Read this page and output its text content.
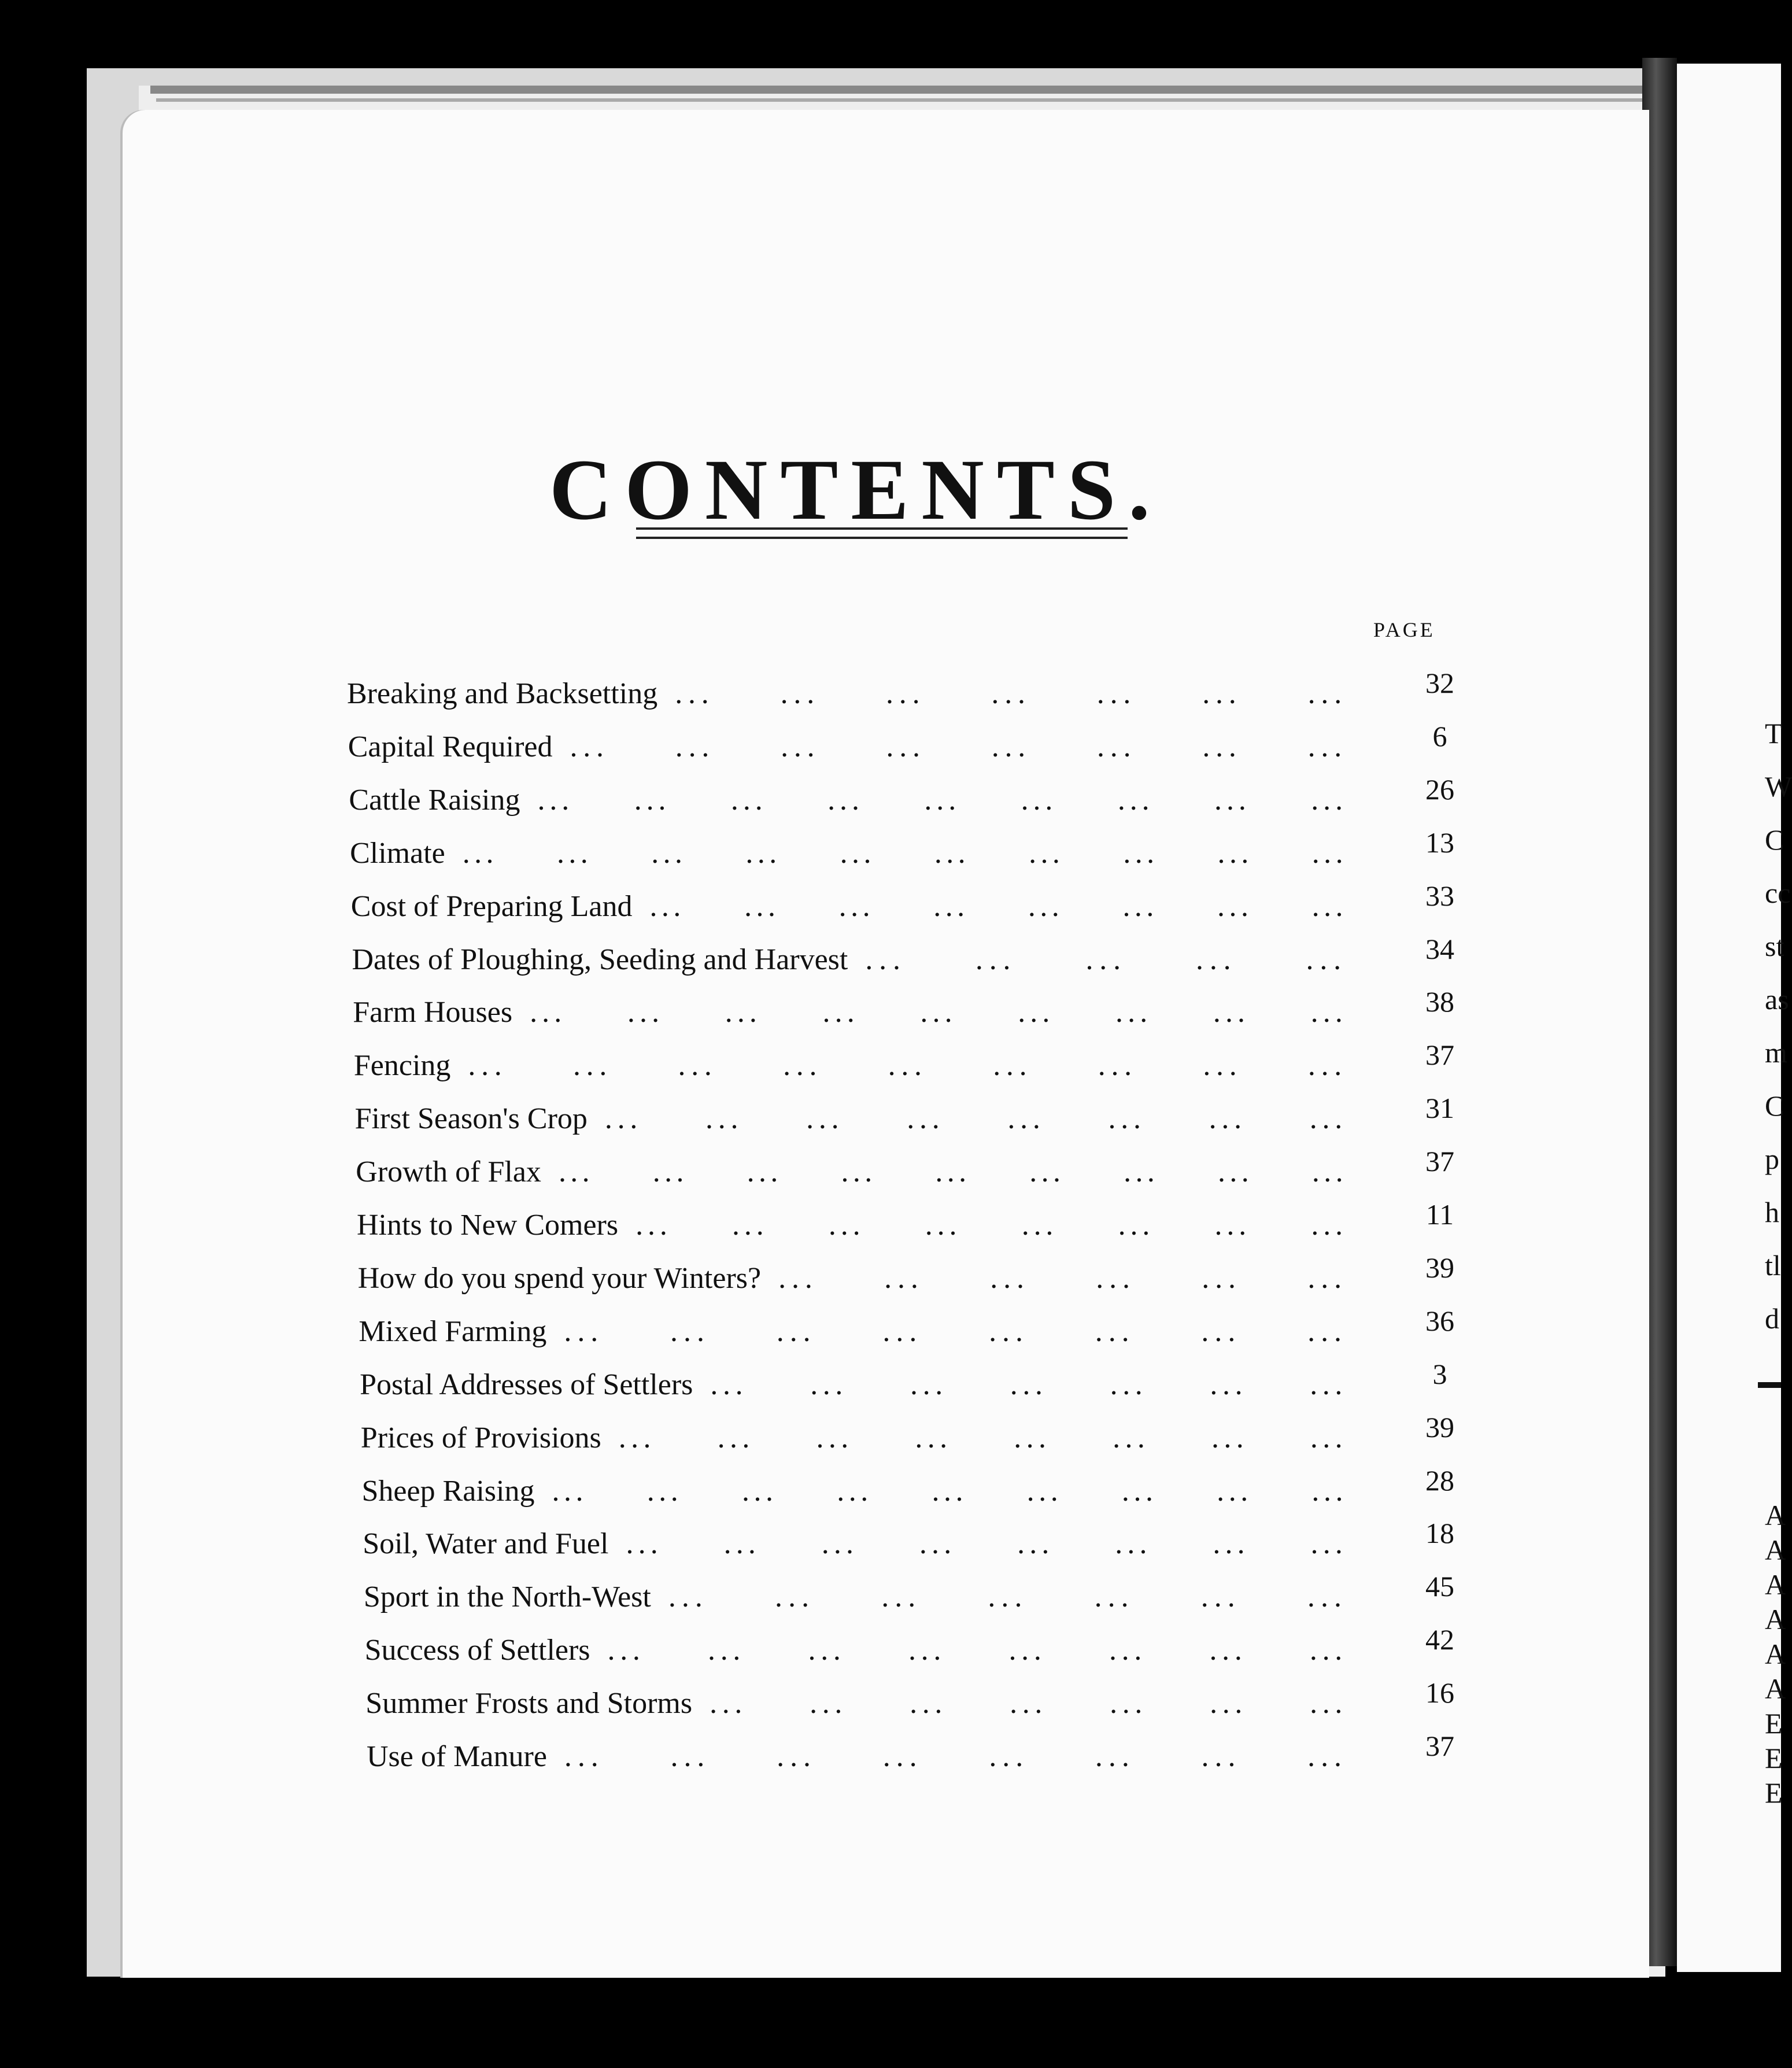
T
W
C
cc
st
as
m
C
p
h
tl
d
A
A
A
A
A
A
E
E
E
CONTENTS.
PAGE
Breaking and Backsetting ...     ...     ...     ...     ...     ...     ...	32
Capital Required ...     ...     ...     ...     ...     ...     ...     ...	6
Cattle Raising ...     ...     ...     ...     ...     ...     ...     ...     ...	26
Climate ...     ...     ...     ...     ...     ...     ...     ...     ...     ...	13
Cost of Preparing Land ...     ...     ...     ...     ...     ...     ...     ...	33
Dates of Ploughing, Seeding and Harvest ...     ...     ...     ...     ...	34
Farm Houses ...     ...     ...     ...     ...     ...     ...     ...     ...	38
Fencing ...     ...     ...     ...     ...     ...     ...     ...     ...	37
First Season's Crop ...     ...     ...     ...     ...     ...     ...     ...	31
Growth of Flax ...     ...     ...     ...     ...     ...     ...     ...     ...	37
Hints to New Comers ...     ...     ...     ...     ...     ...     ...     ...	11
How do you spend your Winters? ...     ...     ...     ...     ...     ...	39
Mixed Farming ...     ...     ...     ...     ...     ...     ...     ...	36
Postal Addresses of Settlers ...     ...     ...     ...     ...     ...     ...	3
Prices of Provisions ...     ...     ...     ...     ...     ...     ...     ...	39
Sheep Raising ...     ...     ...     ...     ...     ...     ...     ...     ...	28
Soil, Water and Fuel ...     ...     ...     ...     ...     ...     ...     ...	18
Sport in the North-West ...     ...     ...     ...     ...     ...     ...	45
Success of Settlers ...     ...     ...     ...     ...     ...     ...     ...	42
Summer Frosts and Storms ...     ...     ...     ...     ...     ...     ...	16
Use of Manure ...     ...     ...     ...     ...     ...     ...     ...	37
